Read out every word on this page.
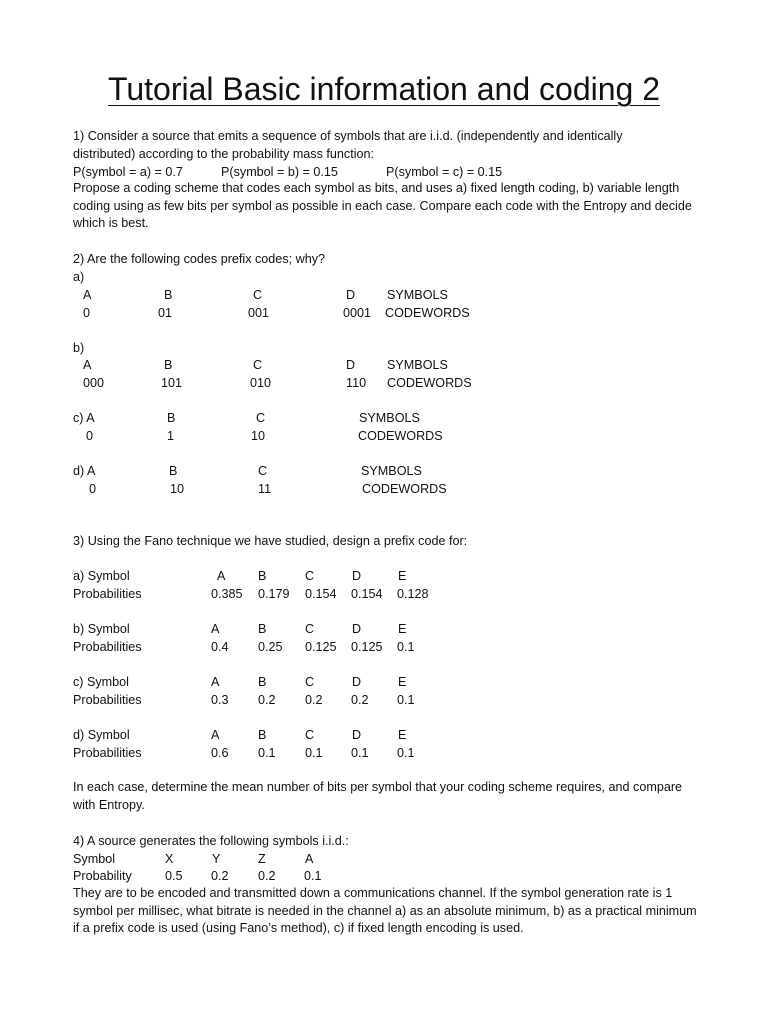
Tutorial Basic information and coding 2
1) Consider a source that emits a sequence of symbols that are i.i.d. (independently and identically
distributed) according to the probability mass function:
P(symbol = a) = 0.7	P(symbol = b) = 0.15	P(symbol = c) = 0.15
Propose a coding scheme that codes each symbol as bits, and uses a) fixed length coding, b) variable length coding using as few bits per symbol as possible in each case. Compare each code with the Entropy and decide which is best.
2) Are the following codes prefix codes; why?
a)
A	B	C	D	SYMBOLS
0	01	001	0001 CODEWORDS
b)
A	B	C	D	SYMBOLS
000	101	010	110 CODEWORDS
c) A	B	C	SYMBOLS
0	1	10	CODEWORDS
d) A	B	C	SYMBOLS
0	10	11	CODEWORDS
3) Using the Fano technique we have studied, design a prefix code for:
a) Symbol	A	B	C	D	E
Probabilities	0.385 0.179 0.154 0.154 0.128
b) Symbol	A	B	C	D	E
Probabilities	0.4 0.25 0.125 0.125 0.1
c) Symbol	A	B	C	D	E
Probabilities	0.3 0.2 0.2 0.2 0.1
d) Symbol	A	B	C	D	E
Probabilities	0.6 0.1 0.1 0.1 0.1
In each case, determine the mean number of bits per symbol that your coding scheme requires, and compare with Entropy.
4) A source generates the following symbols i.i.d.:
Symbol	X	Y	Z	A
Probability	0.5 0.2 0.2 0.1
They are to be encoded and transmitted down a communications channel. If the symbol generation rate is 1 symbol per millisec, what bitrate is needed in the channel a) as an absolute minimum, b) as a practical minimum if a prefix code is used (using Fano’s method), c) if fixed length encoding is used.
